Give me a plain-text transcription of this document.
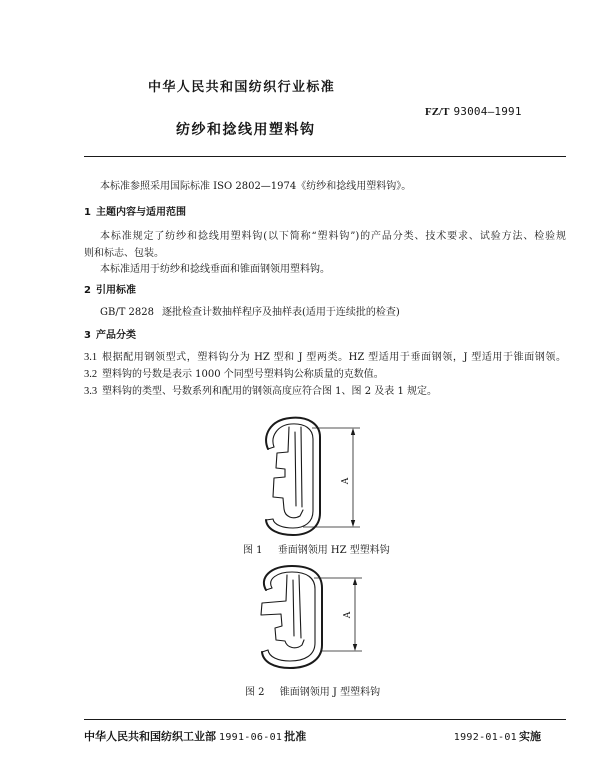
中华人民共和国纺织行业标准
FZ/T 93004—1991
纺纱和捻线用塑料钩
本标准参照采用国际标准 ISO 2802—1974《纺纱和捻线用塑料钩》。
1 主题内容与适用范围
本标准规定了纺纱和捻线用塑料钩(以下简称“塑料钩”)的产品分类、技术要求、试验方法、检验规
则和标志、包装。
本标准适用于纺纱和捻线垂面和锥面钢领用塑料钩。
2 引用标准
GB/T 2828 逐批检查计数抽样程序及抽样表(适用于连续批的检查)
3 产品分类
3.1 根据配用钢领型式，塑料钩分为 HZ 型和 J 型两类。HZ 型适用于垂面钢领，J 型适用于锥面钢领。
3.2 塑料钩的号数是表示 1000 个同型号塑料钩公称质量的克数值。
3.3 塑料钩的类型、号数系列和配用的钢领高度应符合图 1、图 2 及表 1 规定。
A
图 1 垂面钢领用 HZ 型塑料钩
A
图 2 锥面钢领用 J 型塑料钩
中华人民共和国纺织工业部 1991-06-01 批准	1992-01-01 实施
